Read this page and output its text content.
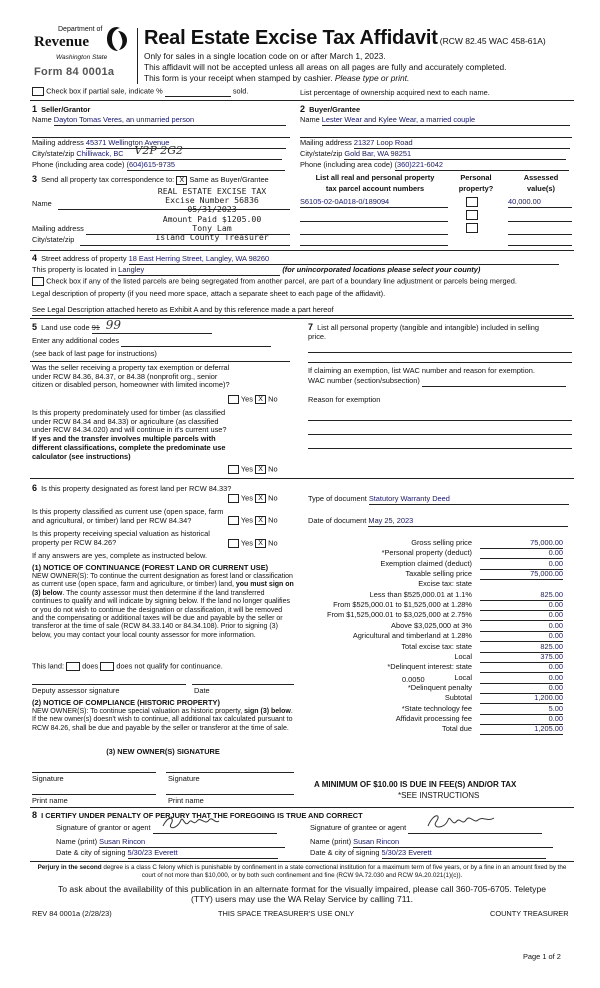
Department of
Revenue
Washington State
Form 84 0001a
Real Estate Excise Tax Affidavit (RCW 82.45 WAC 458-61A)
Only for sales in a single location code on or after March 1, 2023.
This affidavit will not be accepted unless all areas on all pages are fully and accurately completed.
This form is your receipt when stamped by cashier. Please type or print.
Check box if partial sale, indicate %	sold.	List percentage of ownership acquired next to each name.
1 Seller/Grantor
Name Dayton Tomas Veres, an unmarried person
Mailing address 45371 Wellington Avenue
City/state/zip Chilliwack, BC V2P 2G2
Phone (including area code) (604)615-9735
2 Buyer/Grantee
Name Lester Wear and Kylee Wear, a married couple
Mailing address 21327 Loop Road
City/state/zip Gold Bar, WA 98251
Phone (including area code) (360)221-6042
3 Send all property tax correspondence to: X Same as Buyer/Grantee
Name
Mailing address
City/state/zip
REAL ESTATE EXCISE TAX
Excise Number 56836
05/31/2023
Amount Paid $1205.00
Tony Lam
Island County Treasurer
List all real and personal property
tax parcel account numbers
Personal
property?
Assessed
value(s)
S6105-02-0A018-0/189094	40,000.00
4 Street address of property 18 East Herring Street, Langley, WA 98260
This property is located in Langley	(for unincorporated locations please select your county)
Check box if any of the listed parcels are being segregated from another parcel, are part of a boundary line adjustment or parcels being merged.
Legal description of property (if you need more space, attach a separate sheet to each page of the affidavit).
See Legal Description attached hereto as Exhibit A and by this reference made a part hereof
5 Land use code 91 99
Enter any additional codes
(see back of last page for instructions)
Was the seller receiving a property tax exemption or deferral under RCW 84.36, 84.37, or 84.38 (nonprofit org., senior citizen or disabled person, homeowner with limited income)?
Yes X No
Is this property predominately used for timber (as classified under RCW 84.34 and 84.33) or agriculture (as classified under RCW 84.34.020) and will continue in it's current use? If yes and the transfer involves multiple parcels with different classifications, complete the predominate use calculator (see instructions)
Yes X No
7 List all personal property (tangible and intangible) included in selling price.
If claiming an exemption, list WAC number and reason for exemption.
WAC number (section/subsection)
Reason for exemption
6 Is this property designated as forest land per RCW 84.33?
Yes X No
Is this property classified as current use (open space, farm and agricultural, or timber) land per RCW 84.34?	Yes X No
Is this property receiving special valuation as historical property per RCW 84.26?	Yes X No
If any answers are yes, complete as instructed below.
(1) NOTICE OF CONTINUANCE (FOREST LAND OR CURRENT USE)
NEW OWNER(S): To continue the current designation as forest land or classification as current use (open space, farm and agriculture, or timber) land, you must sign on (3) below. The county assessor must then determine if the land transferred continues to qualify and will indicate by signing below. If the land no longer qualifies or you do not wish to continue the designation or classification, it will be removed and the compensating or additional taxes will be due and payable by the seller or transferor at the time of sale (RCW 84.33.140 or 84.34.108). Prior to signing (3) below, you may contact your local county assessor for more information.
This land: does does not qualify for continuance.
Deputy assessor signature	Date
(2) NOTICE OF COMPLIANCE (HISTORIC PROPERTY)
NEW OWNER(S): To continue special valuation as historic property, sign (3) below. If the new owner(s) doesn't wish to continue, all additional tax calculated pursuant to RCW 84.26, shall be due and payable by the seller or transferor at the time of sale.
(3) NEW OWNER(S) SIGNATURE
Signature	Signature
Print name	Print name
Type of document Statutory Warranty Deed
Date of document May 25, 2023
Gross selling price	75,000.00
*Personal property (deduct)	0.00
Exemption claimed (deduct)	0.00
Taxable selling price	75,000.00
Excise tax: state
Less than $525,000.01 at 1.1%	825.00
From $525,000.01 to $1,525,000 at 1.28%	0.00
From $1,525,000.01 to $3,025,000 at 2.75%	0.00
Above $3,025,000 at 3%	0.00
Agricultural and timberland at 1.28%	0.00
Total excise tax: state	825.00
Local	375.00
*Delinquent interest: state	0.00
Local	0.00
*Delinquent penalty	0.00
Subtotal	1,200.00
*State technology fee	5.00
Affidavit processing fee	0.00
Total due	1,205.00
0.0050
A MINIMUM OF $10.00 IS DUE IN FEE(S) AND/OR TAX
*SEE INSTRUCTIONS
8 I CERTIFY UNDER PENALTY OF PERJURY THAT THE FOREGOING IS TRUE AND CORRECT
Signature of grantor or agent	Signature of grantee or agent
Name (print) Susan Rincon	Name (print) Susan Rincon
Date & city of signing 5/30/23 Everett	Date & city of signing 5/30/23 Everett
Perjury in the second degree is a class C felony which is punishable by confinement in a state correctional institution for a maximum term of five years, or by a fine in an amount fixed by the court of not more than $10,000, or by both such confinement and fine (RCW 9A.72.030 and RCW 9A.20.021(1)(c)).
To ask about the availability of this publication in an alternate format for the visually impaired, please call 360-705-6705. Teletype (TTY) users may use the WA Relay Service by calling 711.
REV 84 0001a (2/28/23)	THIS SPACE TREASURER'S USE ONLY	COUNTY TREASURER
Page 1 of 2
